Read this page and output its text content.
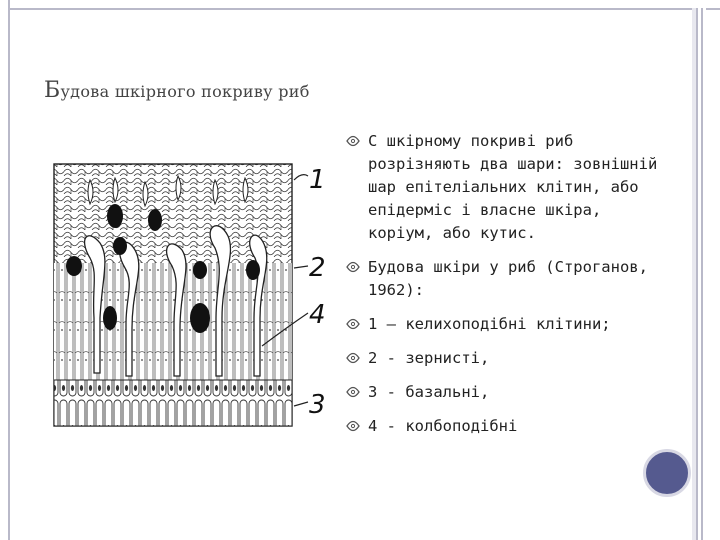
Будова шкірного покриву риб
1
2
4
3
С шкірному покриві риб розрізняють два шари: зовнішній шар епітеліальних клітин, або епідерміс і власне шкіра, коріум, або кутис.
Будова шкіри у риб (Строганов, 1962):
1 – келихоподібні клітини;
2 - зернисті,
3 - базальні,
4 - колбоподібні
